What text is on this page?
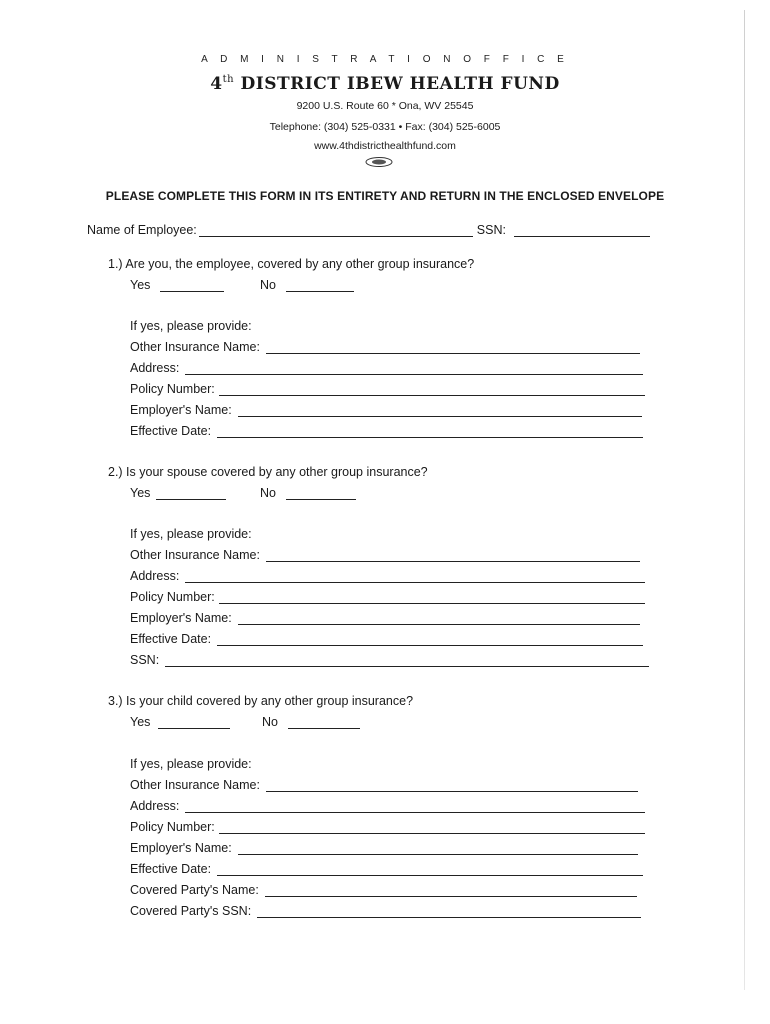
A D M I N I S T R A T I O N O F F I C E
4th DISTRICT IBEW HEALTH FUND
9200 U.S. Route 60 * Ona, WV 25545
Telephone: (304) 525-0331 • Fax: (304) 525-6005
www.4thdistricthealthfund.com
PLEASE COMPLETE THIS FORM IN ITS ENTIRETY AND RETURN IN THE ENCLOSED ENVELOPE
Name of Employee:	SSN:
1.) Are you, the employee, covered by any other group insurance?
Yes	No
If yes, please provide:
Other Insurance Name:
Address:
Policy Number:
Employer's Name:
Effective Date:
2.) Is your spouse covered by any other group insurance?
Yes	No
If yes, please provide:
Other Insurance Name:
Address:
Policy Number:
Employer's Name:
Effective Date:
SSN:
3.) Is your child covered by any other group insurance?
Yes	No
If yes, please provide:
Other Insurance Name:
Address:
Policy Number:
Employer's Name:
Effective Date:
Covered Party's Name:
Covered Party's SSN:
